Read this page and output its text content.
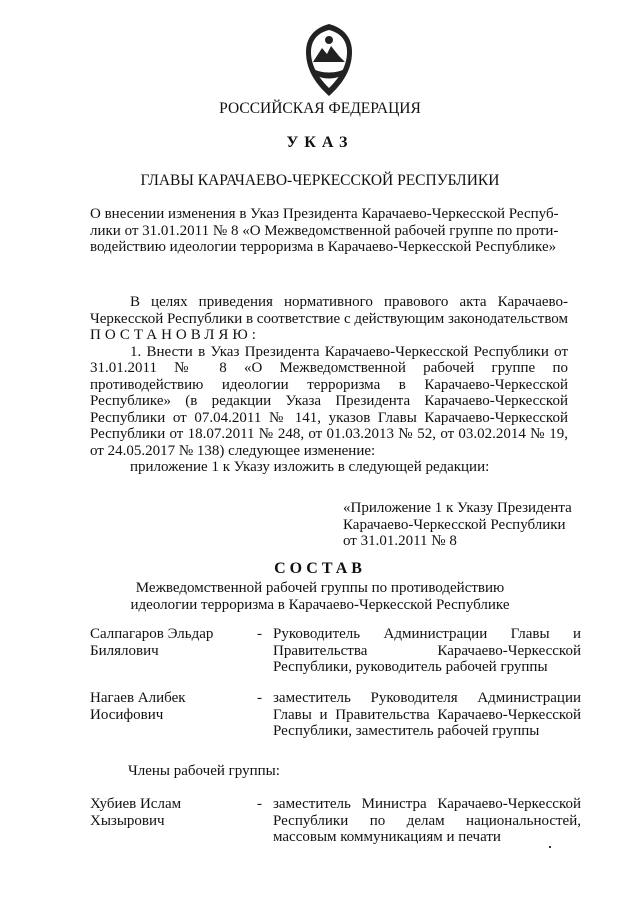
РОССИЙСКАЯ ФЕДЕРАЦИЯ
УКАЗ
ГЛАВЫ КАРАЧАЕВО-ЧЕРКЕССКОЙ РЕСПУБЛИКИ
О внесении изменения в Указ Президента Карачаево-Черкесской Респуб-
лики от 31.01.2011 № 8 «О Межведомственной рабочей группе по проти-
водействию идеологии терроризма в Карачаево-Черкесской Республике»
В целях приведения нормативного правового акта Карачаево-Черкесской Республики в соответствие с действующим законодательством
ПОСТАНОВЛЯЮ:
1. Внести в Указ Президента Карачаево-Черкесской Республики от 31.01.2011 № 8 «О Межведомственной рабочей группе по противодействию идеологии терроризма в Карачаево-Черкесской Республике» (в редакции Указа Президента Карачаево-Черкесской Республики от 07.04.2011 № 141, указов Главы Карачаево-Черкесской Республики от 18.07.2011 № 248, от 01.03.2013 № 52, от 03.02.2014 № 19, от 24.05.2017 № 138) следующее изменение:
приложение 1 к Указу изложить в следующей редакции:
«Приложение 1 к Указу Президента
Карачаево-Черкесской Республики
от 31.01.2011 № 8
СОСТАВ
Межведомственной рабочей группы по противодействию
идеологии терроризма в Карачаево-Черкесской Республике
Салпагаров Эльдар Билялович
- Руководитель Администрации Главы и Правительства Карачаево-Черкесской Республики, руководитель рабочей группы
Нагаев Алибек Иосифович
- заместитель Руководителя Администрации Главы и Правительства Карачаево-Черкесской Республики, заместитель рабочей группы
Члены рабочей группы:
Хубиев Ислам Хызырович
- заместитель Министра Карачаево-Черкесской Республики по делам национальностей, массовым коммуникациям и печати
